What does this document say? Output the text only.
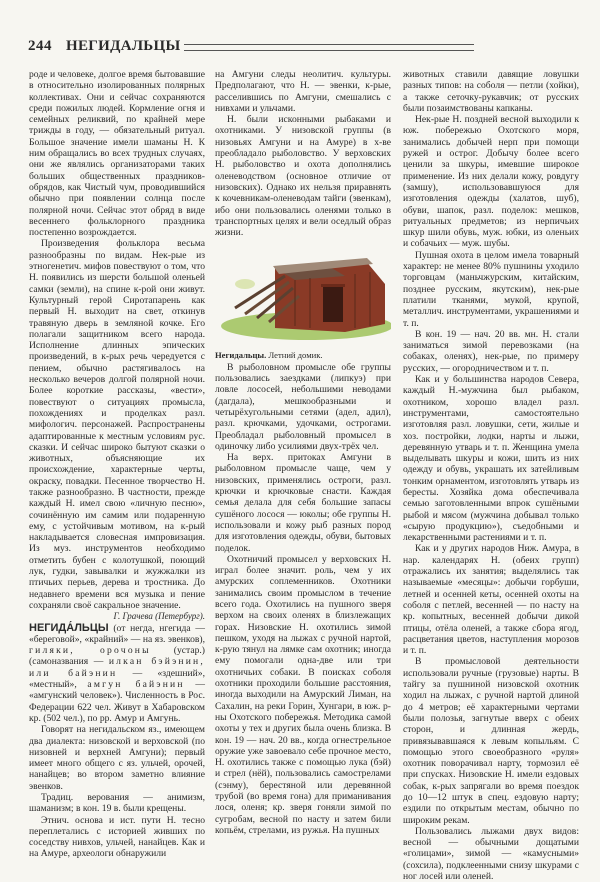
244 НЕГИДАЛЬЦЫ

роде и человеке, долгое время бытовавшие в относительно изолированных полярных коллективах. Они и сейчас сохраняются среди пожилых людей. Кормление огня и семейных реликвий, по крайней мере трижды в году, — обязательный ритуал. Большое значение имели шаманы Н. К ним обращались во всех трудных случаях, они же являлись организаторами таких больших общественных праздников-обрядов, как Чистый чум, проводившийся обычно при появлении солнца после полярной ночи. Сейчас этот обряд в виде весеннего фольклорного праздника постепенно возрождается.

Произведения фольклора весьма разнообразны по видам. Нек-рые из этногенетич. мифов повествуют о том, что Н. появились из шерсти большой оленьей самки (земли), на спине к-рой они живут. Культурный герой Сиротапарень как первый Н. выходит на свет, откинув травяную дверь в земляной кочке. Его полагали защитником всего народа. Исполнение длинных эпических произведений, в к-рых речь чередуется с пением, обычно растягивалось на несколько вечеров долгой полярной ночи. Более короткие рассказы, «вести», повествуют о ситуациях промысла, похождениях и проделках разл. мифологич. персонажей. Распространены адаптированные к местным условиям рус. сказки. И сейчас широко бытуют сказки о животных, объясняющие их происхождение, характерные черты, окраску, повадки. Песенное творчество Н. также разнообразно. В частности, прежде каждый Н. имел свою «личную песню», сочинённую им самим или подаренную ему, с устойчивым мотивом, на к-рый накладывается словесная импровизация. Из муз. инструментов необходимо отметить бубен с колотушкой, поющий лук, гудки, завывалки и жужжалки из птичьих перьев, дерева и тростника. До недавнего времени вся музыка и пение сохраняли своё сакральное значение.

Г. Грачева (Петербург).

НЕГИДА́ЛЬЦЫ (от негда, нгегида — «береговой», «крайний» — на яз. эвенков), гиляки, орочоны (устар.) (самоназвания — илкан бэйэнин, или байэнин — «здешний», «местный», амгун байэнин — «амгунский человек»). Численность в Рос. Федерации 622 чел. Живут в Хабаровском кр. (502 чел.), по рр. Амур и Амгунь.

Говорят на негидальском яз., имеющем два диалекта: низовской и верховской (по низовней и верхней Амгуни); первый имеет много общего с яз. ульчей, орочей, нанайцев; во втором заметно влияние эвенков.

Традиц. верования — анимизм, шаманизм; в кон. 19 в. были крещены.

Этнич. основа и ист. пути Н. тесно переплетались с историей живших по соседству нивхов, ульчей, нанайцев. Как и на Амуре, археологи обнаружили

на Амгуни следы неолитич. культуры. Предполагают, что Н. — эвенки, к-рые, расселившись по Амгуни, смешались с нивхами и ульчами.

Н. были исконными рыбаками и охотниками. У низовской группы (в низовьях Амгуни и на Амуре) в х-ве преобладало рыболовство. У верховских Н. рыболовство и охота дополнялись оленеводством (основное отличие от низовских). Однако их нельзя приравнять к кочевникам-оленеводам тайги (эвенкам), ибо они пользовались оленями только в транспортных целях и вели оседлый образ жизни.

Негидальцы. Летний домик.

В рыболовном промысле обе группы пользовались заездками (липкуэ) при ловле лососей, небольшими неводами (дагдала), мешкообразными и четырёхугольными сетями (адел, адил), разл. крючками, удочками, острогами. Преобладал рыболовный промысел в одиночку либо усилиями двух-трёх чел.

На верх. притоках Амгуни в рыболовном промысле чаще, чем у низовских, применялись остроги, разл. крючки и крючковые снасти. Каждая семья делала для себя большие запасы сушёного лосося — юколы; обе группы Н. использовали и кожу рыб разных пород для изготовления одежды, обуви, бытовых поделок.

Охотничий промысел у верховских Н. играл более значит. роль, чем у их амурских соплеменников. Охотники занимались своим промыслом в течение всего года. Охотились на пушного зверя верхом на своих оленях в близлежащих горах. Низовские Н. охотились зимой пешком, уходя на лыжах с ручной нартой, к-рую тянул на лямке сам охотник; иногда ему помогали одна-две или три охотничьих собаки. В поисках соболя охотники проходили большие расстояния, иногда выходили на Амурский Лиман, на Сахалин, на реки Горин, Хунгари, в юж. р-ны Охотского побережья. Методика самой охоты у тех и других была очень близка. В кон. 19 — нач. 20 вв., когда огнестрельное оружие уже завоевало себе прочное место, Н. охотились также с помощью лука (бэй) и стрел (нёй), пользовались самострелами (сэнму), берестяной или деревянной трубой (во время гона) для приманивания лося, оленя; кр. зверя гоняли зимой по сугробам, весной по насту и затем били копьём, стрелами, из ружья. На пушных

животных ставили давящие ловушки разных типов: на соболя — петли (хойки), а также сеточку-рукавчик; от русских были позаимствованы капканы.

Нек-рые Н. поздней весной выходили к юж. побережью Охотского моря, занимались добычей нерп при помощи ружей и острог. Добычу более всего ценили за шкуры, имевшие широкое применение. Из них делали кожу, ровдугу (замшу), использовавшуюся для изготовления одежды (халатов, шуб), обуви, шапок, разл. поделок: мешков, ритуальных предметов; из нерпичьих шкур шили обувь, муж. юбки, из оленьих и собачьих — муж. шубы.

Пушная охота в целом имела товарный характер: не менее 80% пушнины уходило торговцам (маньчжурским, китайским, позднее русским, якутским), нек-рые платили тканями, мукой, крупой, металлич. инструментами, украшениями и т. п.

В кон. 19 — нач. 20 вв. мн. Н. стали заниматься зимой перевозками (на собаках, оленях), нек-рые, по примеру русских, — огородничеством и т. п.

Как и у большинства народов Севера, каждый Н.-мужчина был рыбаком, охотником, хорошо владел разл. инструментами, самостоятельно изготовляя разл. ловушки, сети, жилые и хоз. постройки, лодки, нарты и лыжи, деревянную утварь и т. п. Женщина умела выделывать шкуры и кожи, шить из них одежду и обувь, украшать их затейливым тонким орнаментом, изготовлять утварь из бересты. Хозяйка дома обеспечивала семью заготовленными впрок сушёными рыбой и мясом (мужчина добывал только «сырую продукцию»), съедобными и лекарственными растениями и т. п.

Как и у других народов Ниж. Амура, в нар. календарях Н. (обеих групп) отражались их занятия; выделялись так называемые «месяцы»: добычи горбуши, летней и осенней кеты, осенней охоты на соболя с петлей, весенней — по насту на кр. копытных, весенней добычи дикой птицы, отёла оленей, а также сбора ягод, расцветания цветов, наступления морозов и т. п.

В промысловой деятельности использовали ручные (грузовые) нарты. В тайгу за пушниной низовской охотник ходил на лыжах, с ручной нартой длиной до 4 метров; её характерными чертами были полозья, загнутые вверх с обеих сторон, и длинная жердь, привязывавшаяся к левым копыльям. С помощью этого своеобразного «руля» охотник поворачивал нарту, тормозил её при спусках. Низовские Н. имели ездовых собак, к-рых запрягали во время поездок до 10—12 штук в спец. ездовую нарту; ездили по открытым местам, обычно по широким рекам.

Пользовались лыжами двух видов: весной — обычными дощатыми «голицами», зимой — «камусными» (сохсила), подклеенными снизу шкурами с ног лосей или оленей.
